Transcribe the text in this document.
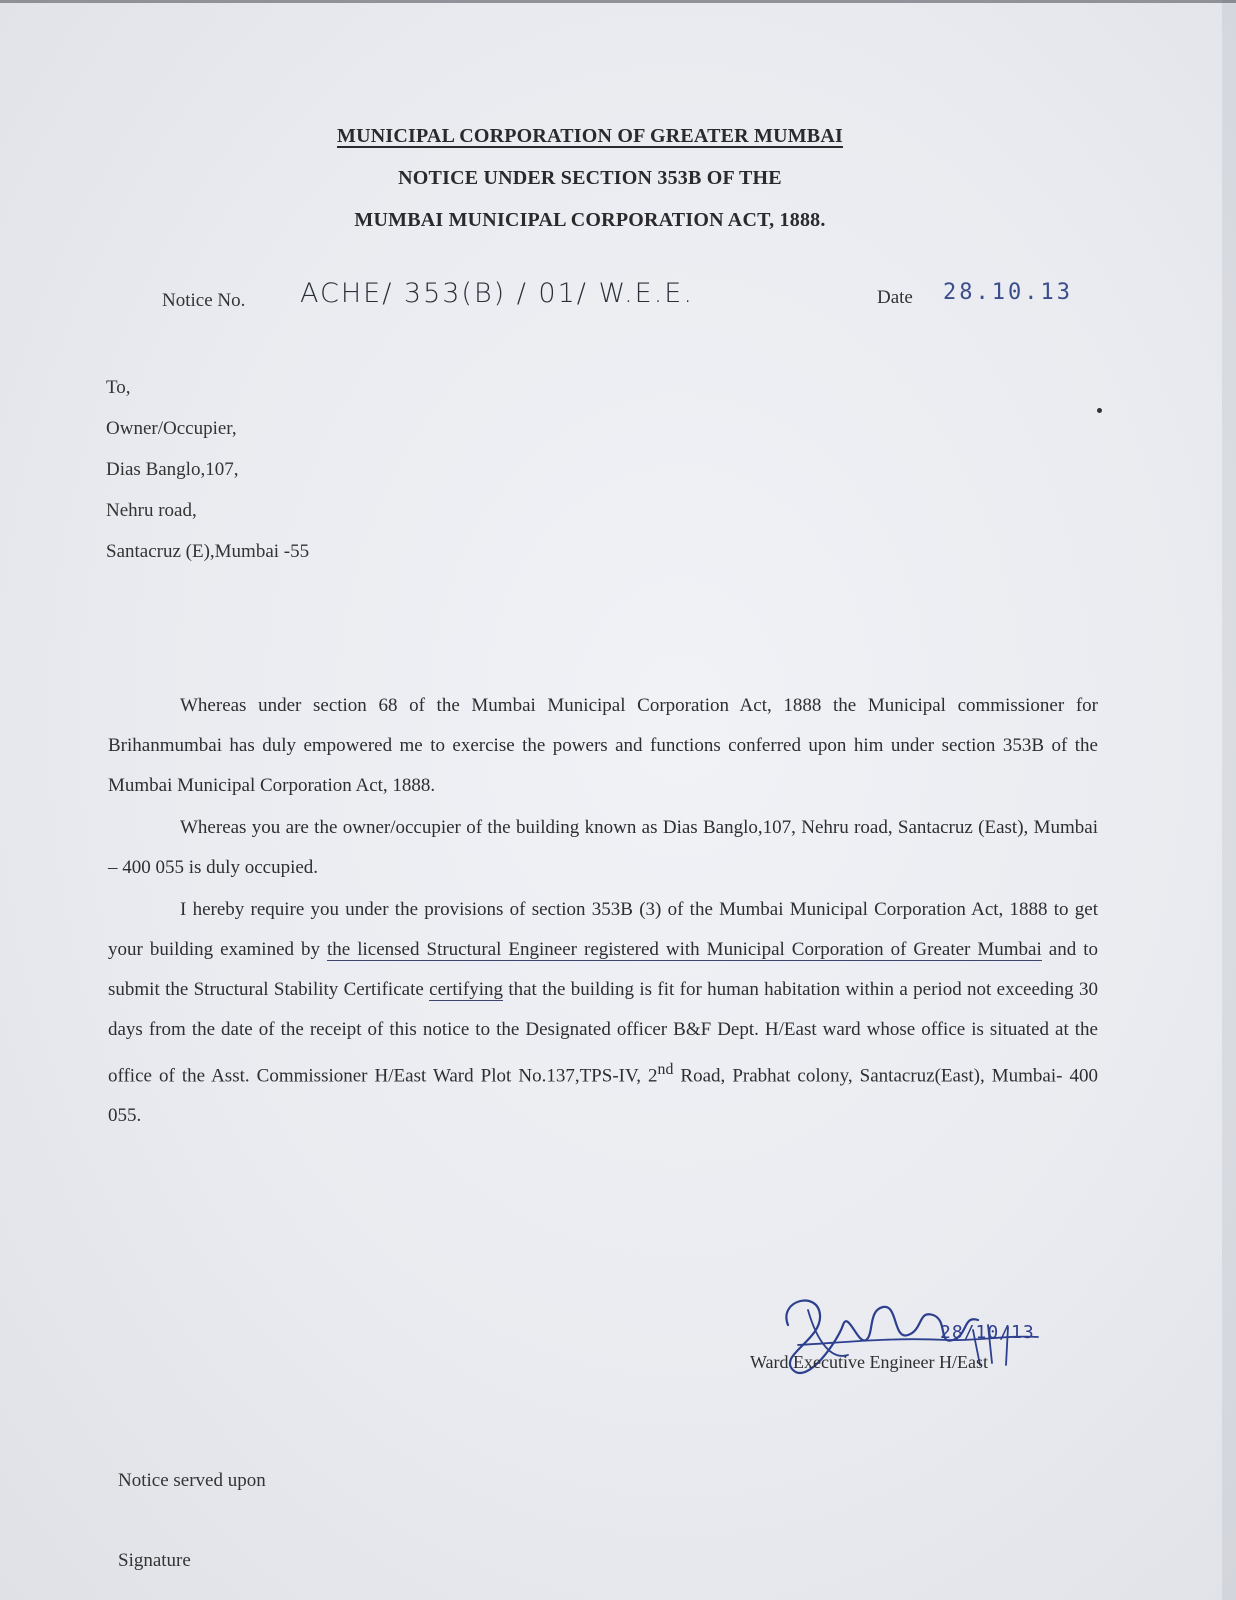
MUNICIPAL CORPORATION OF GREATER MUMBAI
NOTICE UNDER SECTION 353B OF THE
MUMBAI MUNICIPAL CORPORATION ACT, 1888.
Notice No. ACHE/ 353(B) / 01/ W.E.E.	Date 28.10.13
To,
Owner/Occupier,
Dias Banglo,107,
Nehru road,
Santacruz (E),Mumbai -55

Whereas under section 68 of the Mumbai Municipal Corporation Act, 1888 the Municipal commissioner for Brihanmumbai has duly empowered me to exercise the powers and functions conferred upon him under section 353B of the Mumbai Municipal Corporation Act, 1888.

Whereas you are the owner/occupier of the building known as Dias Banglo,107, Nehru road, Santacruz (East), Mumbai – 400 055 is duly occupied.

I hereby require you under the provisions of section 353B (3) of the Mumbai Municipal Corporation Act, 1888 to get your building examined by the licensed Structural Engineer registered with Municipal Corporation of Greater Mumbai and to submit the Structural Stability Certificate certifying that the building is fit for human habitation within a period not exceeding 30 days from the date of the receipt of this notice to the Designated officer B&F Dept. H/East ward whose office is situated at the office of the Asst. Commissioner H/East Ward Plot No.137,TPS-IV, 2nd Road, Prabhat colony, Santacruz(East), Mumbai- 400 055.

Ward Executive Engineer H/East
28/10/13
Notice served upon
Signature
